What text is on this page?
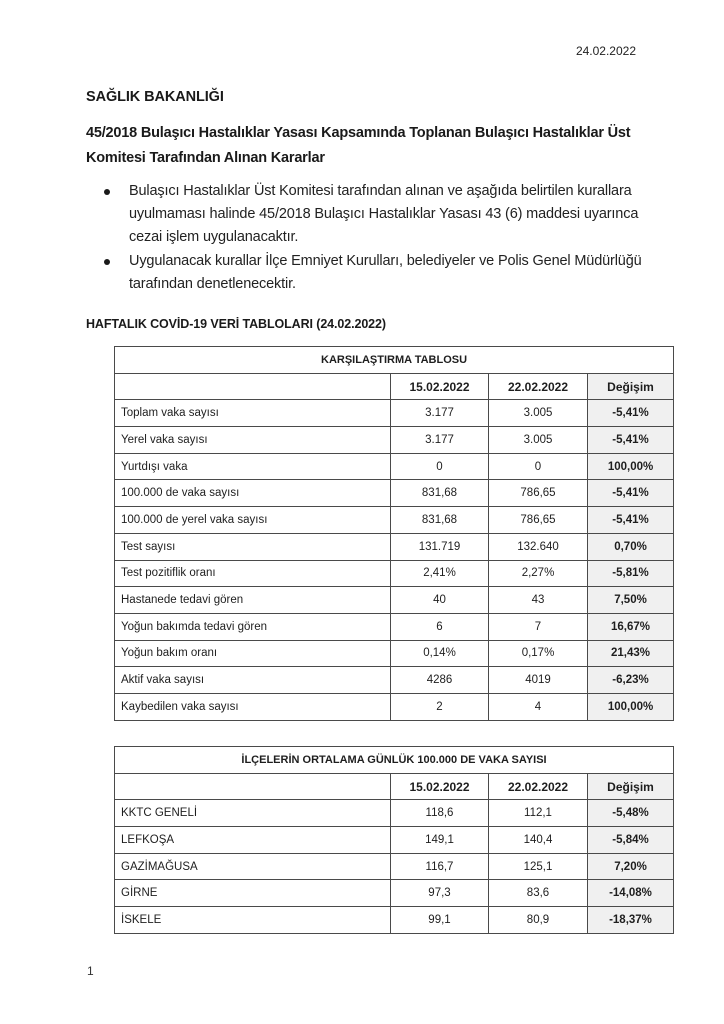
24.02.2022
SAĞLIK BAKANLIĞI
45/2018 Bulaşıcı Hastalıklar Yasası Kapsamında Toplanan Bulaşıcı Hastalıklar Üst Komitesi Tarafından Alınan Kararlar
Bulaşıcı Hastalıklar Üst Komitesi tarafından alınan ve aşağıda belirtilen kurallara uyulmaması halinde 45/2018 Bulaşıcı Hastalıklar Yasası 43 (6) maddesi uyarınca cezai işlem uygulanacaktır.
Uygulanacak kurallar İlçe Emniyet Kurulları, belediyeler ve Polis Genel Müdürlüğü tarafından denetlenecektir.
HAFTALIK COVİD-19 VERİ TABLOLARI (24.02.2022)
KARŞILAŞTIRMA TABLOSU			
	15.02.2022	22.02.2022	Değişim
Toplam vaka sayısı	3.177	3.005	-5,41%
Yerel vaka sayısı	3.177	3.005	-5,41%
Yurtdışı vaka	0	0	100,00%
100.000 de vaka sayısı	831,68	786,65	-5,41%
100.000 de yerel vaka sayısı	831,68	786,65	-5,41%
Test sayısı	131.719	132.640	0,70%
Test pozitiflik oranı	2,41%	2,27%	-5,81%
Hastanede tedavi gören	40	43	7,50%
Yoğun bakımda tedavi gören	6	7	16,67%
Yoğun bakım oranı	0,14%	0,17%	21,43%
Aktif vaka sayısı	4286	4019	-6,23%
Kaybedilen vaka sayısı	2	4	100,00%
İLÇELERİN ORTALAMA GÜNLÜK 100.000 DE VAKA SAYISI			
	15.02.2022	22.02.2022	Değişim
KKTC GENELİ	118,6	112,1	-5,48%
LEFKOŞA	149,1	140,4	-5,84%
GAZİMAĞUSA	116,7	125,1	7,20%
GİRNE	97,3	83,6	-14,08%
İSKELE	99,1	80,9	-18,37%
1
